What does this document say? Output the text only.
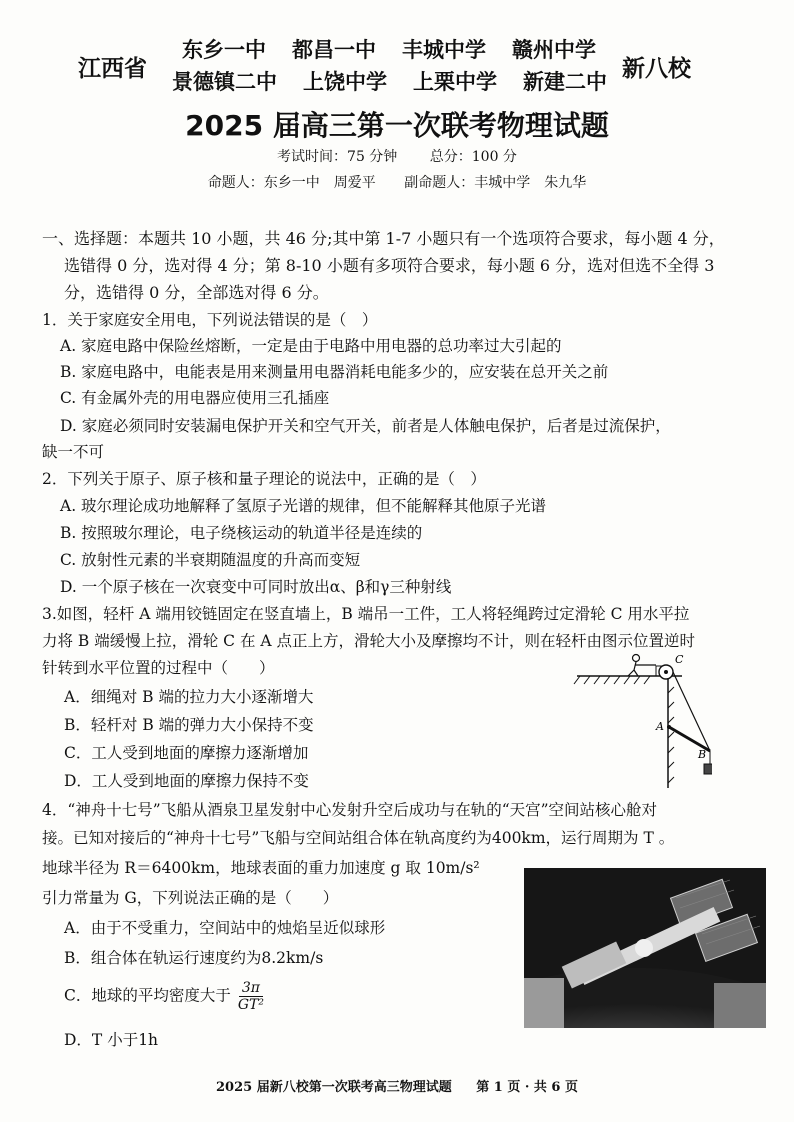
江西省
东乡一中 都昌一中 丰城中学 赣州中学
景德镇二中 上饶中学 上栗中学 新建二中 新八校
2025 届高三第一次联考物理试题
考试时间：75 分钟 总分：100 分
命题人：东乡一中　周爱平 副命题人：丰城中学　朱九华
一、选择题：本题共 10 小题，共 46 分;其中第 1-7 小题只有一个选项符合要求，每小题 4 分，
选错得 0 分，选对得 4 分；第 8-10 小题有多项符合要求，每小题 6 分，选对但选不全得 3
分，选错得 0 分，全部选对得 6 分。
1．关于家庭安全用电，下列说法错误的是（　）
A. 家庭电路中保险丝熔断，一定是由于电路中用电器的总功率过大引起的
B. 家庭电路中，电能表是用来测量用电器消耗电能多少的，应安装在总开关之前
C. 有金属外壳的用电器应使用三孔插座
D. 家庭必须同时安装漏电保护开关和空气开关，前者是人体触电保护，后者是过流保护，
缺一不可
2．下列关于原子、原子核和量子理论的说法中，正确的是（　）
A. 玻尔理论成功地解释了氢原子光谱的规律，但不能解释其他原子光谱
B. 按照玻尔理论，电子绕核运动的轨道半径是连续的
C. 放射性元素的半衰期随温度的升高而变短
D. 一个原子核在一次衰变中可同时放出α、β和γ三种射线
3.如图，轻杆 A 端用铰链固定在竖直墙上，B 端吊一工件，工人将轻绳跨过定滑轮 C 用水平拉
力将 B 端缓慢上拉，滑轮 C 在 A 点正上方，滑轮大小及摩擦均不计，则在轻杆由图示位置逆时
针转到水平位置的过程中（　　）
A．细绳对 B 端的拉力大小逐渐增大
B．轻杆对 B 端的弹力大小保持不变
C．工人受到地面的摩擦力逐渐增加
D．工人受到地面的摩擦力保持不变
C
A
B
4．“神舟十七号”飞船从酒泉卫星发射中心发射升空后成功与在轨的“天宫”空间站核心舱对
接。已知对接后的“神舟十七号”飞船与空间站组合体在轨高度约为400km，运行周期为 T 。
地球半径为 R＝6400km，地球表面的重力加速度 g 取 10m/s²
引力常量为 G，下列说法正确的是（　　）
A．由于不受重力，空间站中的烛焰呈近似球形
B．组合体在轨运行速度约为8.2km/s
C．地球的平均密度大于 $\frac{3\pi}{\text{GT²}}$
D．T 小于1h
2025 届新八校第一次联考高三物理试题 第 1 页 · 共 6 页
